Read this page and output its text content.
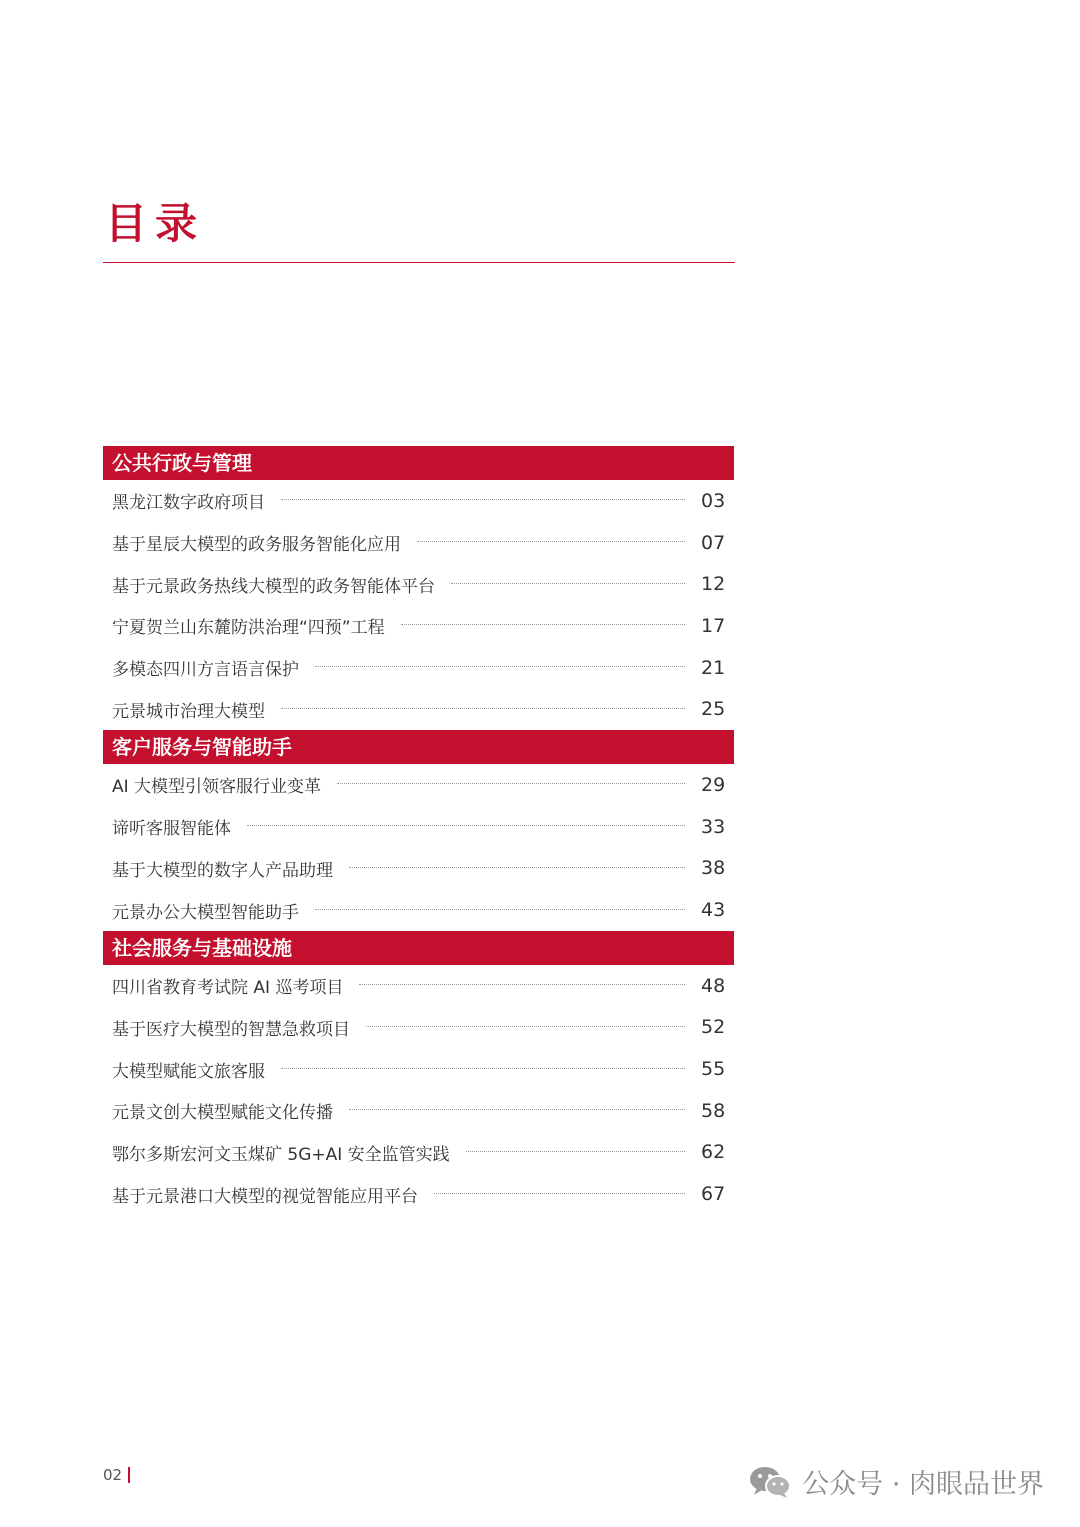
目录
公共行政与管理
黑龙江数字政府项目	03
基于星辰大模型的政务服务智能化应用	07
基于元景政务热线大模型的政务智能体平台	12
宁夏贺兰山东麓防洪治理“四预”工程	17
多模态四川方言语言保护	21
元景城市治理大模型	25
客户服务与智能助手
AI 大模型引领客服行业变革	29
谛听客服智能体	33
基于大模型的数字人产品助理	38
元景办公大模型智能助手	43
社会服务与基础设施
四川省教育考试院 AI 巡考项目	48
基于医疗大模型的智慧急救项目	52
大模型赋能文旅客服	55
元景文创大模型赋能文化传播	58
鄂尔多斯宏河文玉煤矿 5G+AI 安全监管实践	62
基于元景港口大模型的视觉智能应用平台	67
02	公众号 · 肉眼品世界
